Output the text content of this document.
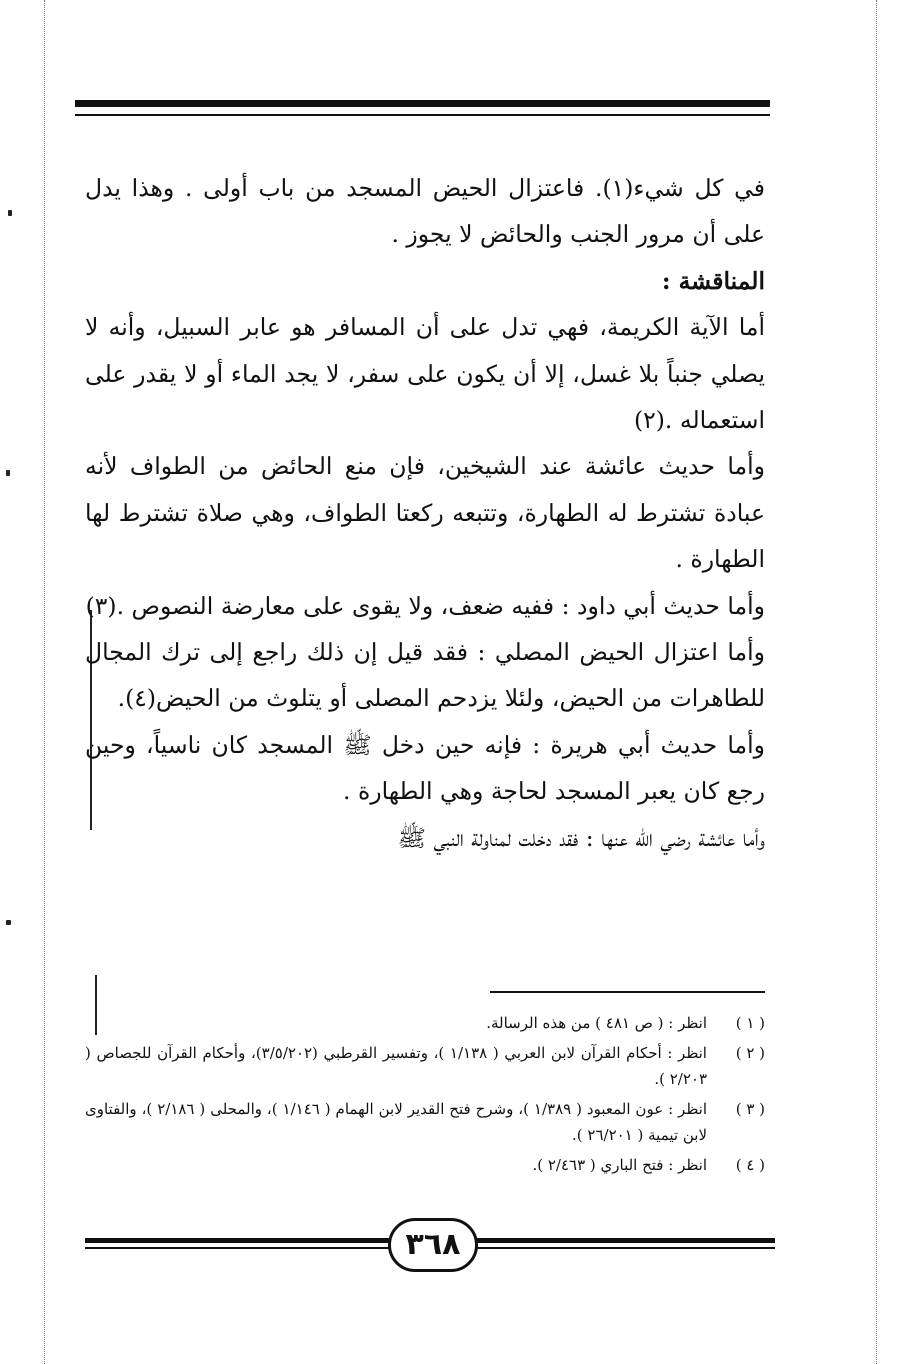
في كل شيء(١). فاعتزال الحيض المسجد من باب أولى . وهذا يدل على أن مرور الجنب والحائض لا يجوز .

المناقشة :

أما الآية الكريمة، فهي تدل على أن المسافر هو عابر السبيل، وأنه لا يصلي جنباً بلا غسل، إلا أن يكون على سفر، لا يجد الماء أو لا يقدر على استعماله .(٢)

وأما حديث عائشة عند الشيخين، فإن منع الحائض من الطواف لأنه عبادة تشترط له الطهارة، وتتبعه ركعتا الطواف، وهي صلاة تشترط لها الطهارة .

وأما حديث أبي داود : ففيه ضعف، ولا يقوى على معارضة النصوص .(٣)

وأما اعتزال الحيض المصلي : فقد قيل إن ذلك راجع إلى ترك المجال للطاهرات من الحيض، ولئلا يزدحم المصلى أو يتلوث من الحيض(٤).

وأما حديث أبي هريرة : فإنه حين دخل ﷺ المسجد كان ناسياً، وحين رجع كان يعبر المسجد لحاجة وهي الطهارة .

وأما عائشة رضي الله عنها : فقد دخلت لمناولة النبي ﷺ

( ١ )
انظر : ( ص ٤٨١ ) من هذه الرسالة.
( ٢ )
انظر : أحكام القرآن لابن العربي ( ١/١٣٨ )، وتفسير القرطبي (٣/٥/٢٠٢)، وأحكام القرآن للجصاص ( ٢/٢٠٣ ).
( ٣ )
انظر : عون المعبود ( ١/٣٨٩ )، وشرح فتح القدير لابن الهمام ( ١/١٤٦ )، والمحلى ( ٢/١٨٦ )، والفتاوى لابن تيمية ( ٢٦/٢٠١ ).
( ٤ )
انظر : فتح الباري ( ٢/٤٦٣ ).
٣٦٨
